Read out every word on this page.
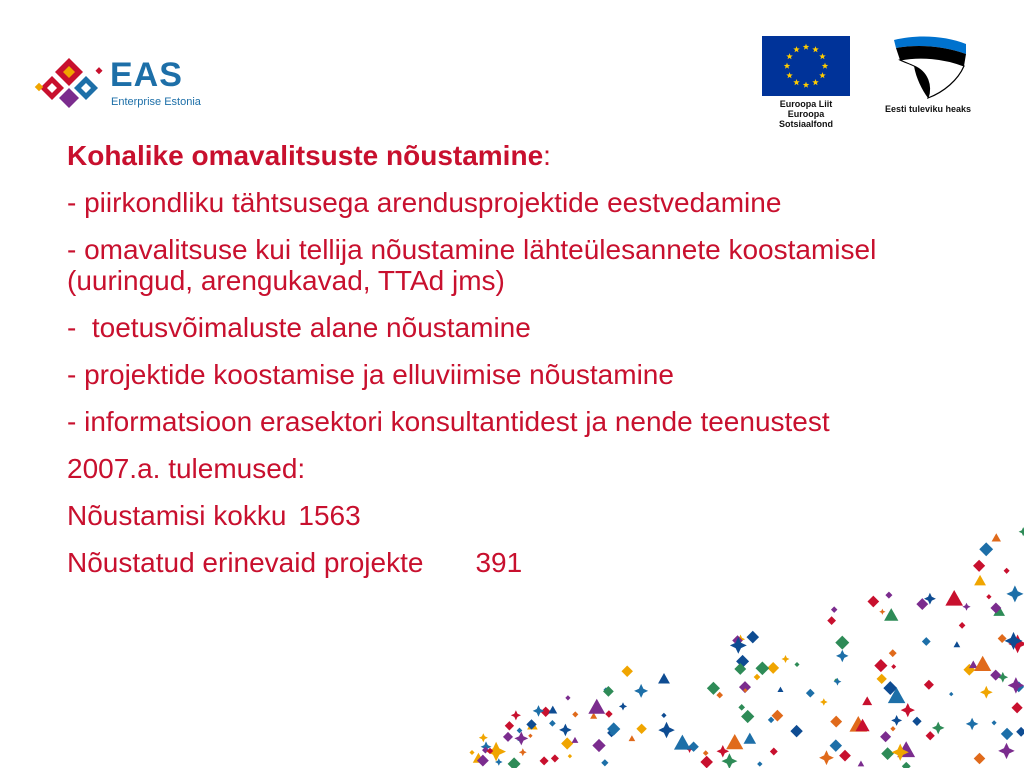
EAS
Enterprise Estonia	Euroopa Liit
Euroopa Sotsiaalfond
Eesti tuleviku heaks

Kohalike omavalitsuste nõustamine:

- piirkondliku tähtsusega arendusprojektide eestvedamine

- omavalitsuse kui tellija nõustamine lähteülesannete koostamisel (uuringud, arengukavad, TTAd jms)

-  toetusvõimaluste alane nõustamine

- projektide koostamise ja elluviimise nõustamine

- informatsioon erasektori konsultantidest ja nende teenustest

2007.a. tulemused:

Nõustamisi kokku 1563

Nõustatud erinevaid projekte 391
